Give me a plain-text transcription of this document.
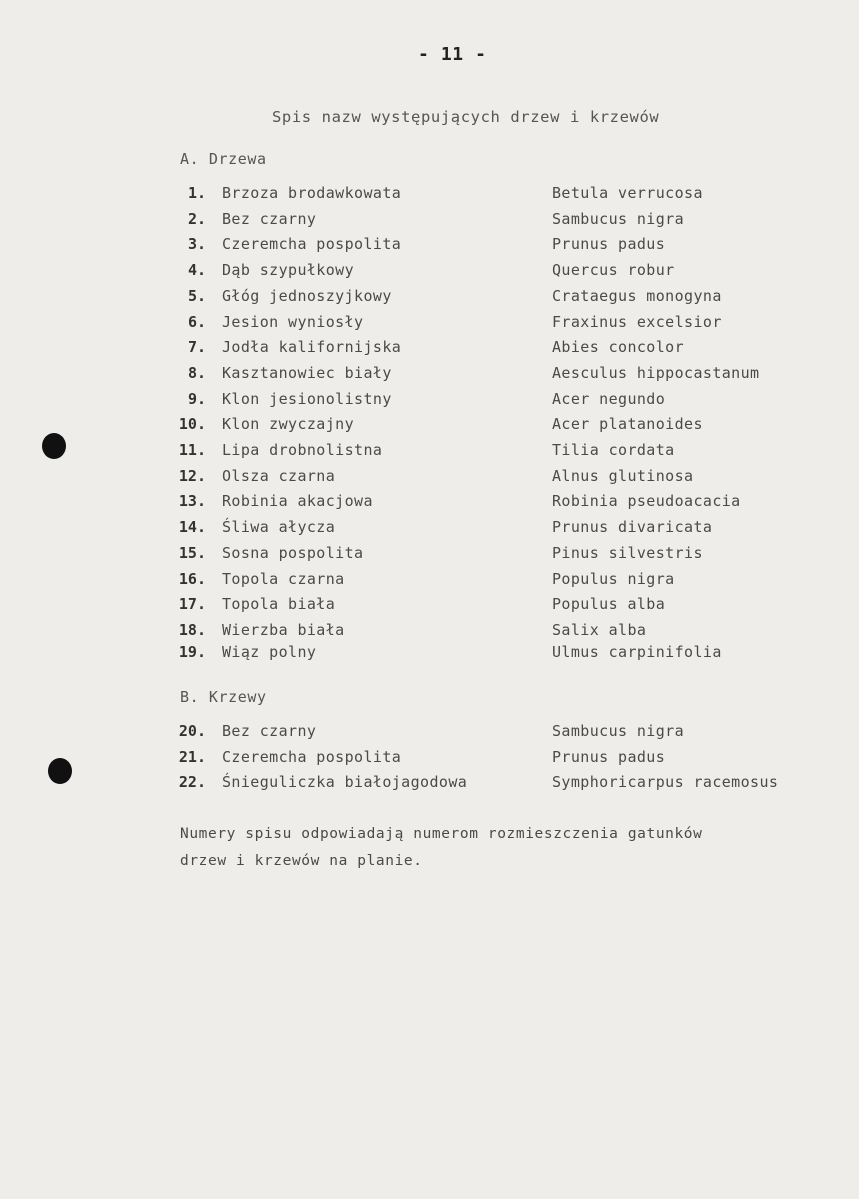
- 11 -
Spis nazw występujących drzew i krzewów
A. Drzewa
1. Brzoza brodawkowata	Betula verrucosa
2. Bez czarny	Sambucus nigra
3. Czeremcha pospolita	Prunus padus
4. Dąb szypułkowy	Quercus robur
5. Głóg jednoszyjkowy	Crataegus monogyna
6. Jesion wyniosły	Fraxinus excelsior
7. Jodła kalifornijska	Abies concolor
8. Kasztanowiec biały	Aesculus hippocastanum
9. Klon jesionolistny	Acer negundo
10. Klon zwyczajny	Acer platanoides
11. Lipa drobnolistna	Tilia cordata
12. Olsza czarna	Alnus glutinosa
13. Robinia akacjowa	Robinia pseudoacacia
14. Śliwa ałycza	Prunus divaricata
15. Sosna pospolita	Pinus silvestris
16. Topola czarna	Populus nigra
17. Topola biała	Populus alba
18. Wierzba biała	Salix alba
19. Wiąz polny	Ulmus carpinifolia
B. Krzewy
20. Bez czarny	Sambucus nigra
21. Czeremcha pospolita	Prunus padus
22. Śnieguliczka białojagodowa	Symphoricarpus racemosus
Numery spisu odpowiadają numerom rozmieszczenia gatunków
drzew i krzewów na planie.
